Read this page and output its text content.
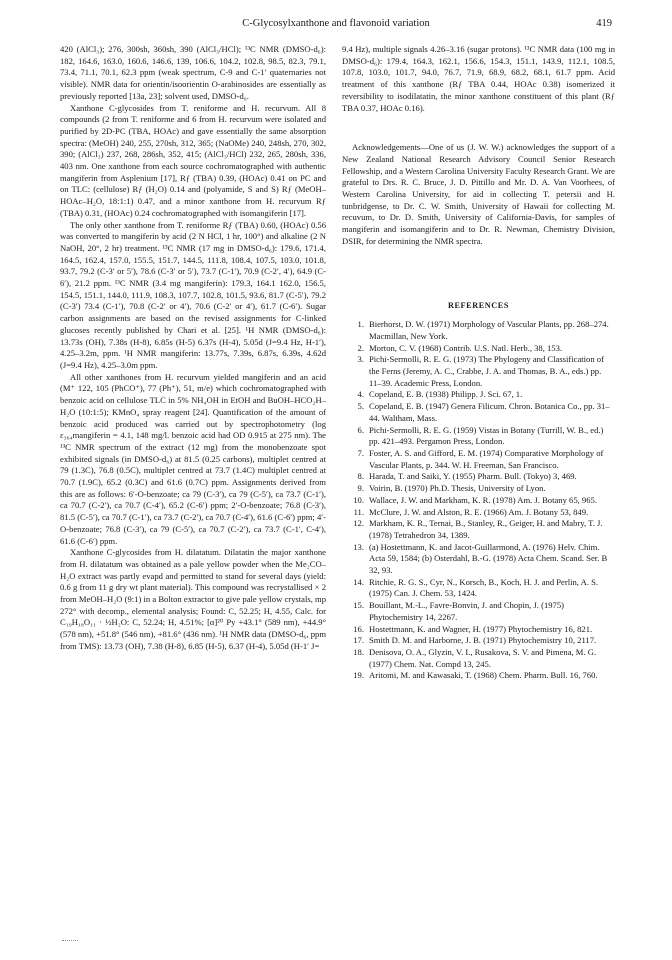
C-Glycosylxanthone and flavonoid variation	419

420 (AlCl₃); 276, 300sh, 360sh, 390 (AlCl₃/HCl); ¹³C NMR (DMSO-d₆): 182, 164.6, 163.0, 160.6, 146.6, 139, 106.6, 104.2, 102.8, 98.5, 82.3, 79.1, 73.4, 71.1, 70.1, 62.3 ppm (weak spectrum, C-9 and C-1′ quaternaries not visible). NMR data for orientin/isoorientin O-arabinosides are essentially as previously reported [13a, 23]; solvent used, DMSO-d₆.

Xanthone C-glycosides from T. reniforme and H. recurvum. All 8 compounds (2 from T. reniforme and 6 from H. recurvum were isolated and purified by 2D-PC (TBA, HOAc) and gave essentially the same absorption spectra: (MeOH) 240, 255, 270sh, 312, 365; (NaOMe) 240, 248sh, 270, 302, 390; (AlCl₃) 237, 268, 286sh, 352, 415; (AlCl₃/HCl) 232, 265, 280sh, 336, 403 nm. One xanthone from each source cochromatographed with authentic mangiferin from Asplenium [17], Rƒ (TBA) 0.39, (HOAc) 0.41 on PC and on TLC: (cellulose) Rƒ (H₂O) 0.14 and (polyamide, S and S) Rƒ (MeOH–HOAc–H₂O, 18:1:1) 0.47, and a minor xanthone from H. recurvum Rƒ (TBA) 0.31, (HOAc) 0.24 cochromatographed with isomangiferin [17].

The only other xanthone from T. reniforme Rƒ (TBA) 0.60, (HOAc) 0.56 was converted to mangiferin by acid (2 N HCl, 1 hr, 100°) and alkaline (2 N NaOH, 20°, 2 hr) treatment. ¹³C NMR (17 mg in DMSO-d₆): 179.6, 171.4, 164.5, 162.4, 157.0, 155.5, 151.7, 144.5, 111.8, 108.4, 107.5, 103.0, 101.8, 93.7, 79.2 (C-3′ or 5′), 78.6 (C-3′ or 5′), 73.7 (C-1′), 70.9 (C-2′, 4′), 64.9 (C-6′), 21.2 ppm. ¹³C NMR (3.4 mg mangiferin): 179.3, 164.1 162.0, 156.5, 154.5, 151.1, 144.0, 111.9, 108.3, 107.7, 102.8, 101.5, 93.6, 81.7 (C-5′), 79.2 (C-3′) 73.4 (C-1′), 70.8 (C-2′ or 4′), 70.6 (C-2′ or 4′), 61.7 (C-6′). Sugar carbon assignments are based on the revised assignments for C-linked glucoses recently published by Chari et al. [25]. ¹H NMR (DMSO-d₆): 13.73s (OH), 7.38s (H-8), 6.85s (H-5) 6.37s (H-4), 5.05d (J=9.4 Hz, H-1′), 4.25–3.2m, ppm. ¹H NMR mangiferin: 13.77s, 7.39s, 6.87s, 6.39s, 4.62d (J=9.4 Hz), 4.25–3.0m ppm.

All other xanthones from H. recurvum yielded mangiferin and an acid (M⁺ 122, 105 (PhCO⁺), 77 (Ph⁺), 51, m/e) which cochromatographed with benzoic acid on cellulose TLC in 5% NH₄OH in EtOH and BuOH–HCO₂H–H₂O (10:1:5); KMnO₄ spray reagent [24]. Quantification of the amount of benzoic acid produced was carried out by spectrophotometry (log ε₃₆₄mangiferin = 4.1, 148 mg/l. benzoic acid had OD 0.915 at 275 nm). The ¹³C NMR spectrum of the extract (12 mg) from the monobenzoate spot exhibited signals (in DMSO-d₆) at 81.5 (0.25 carbons), multiplet centred at 79 (1.3C), 76.8 (0.5C), multiplet centred at 73.7 (1.4C) multiplet centred at 70.7 (1.9C), 65.2 (0.3C) and 61.6 (0.7C) ppm. Assignments derived from this are as follows: 6′-O-benzoate; ca 79 (C-3′), ca 79 (C-5′), ca 73.7 (C-1′), ca 70.7 (C-2′), ca 70.7 (C-4′), 65.2 (C-6′) ppm; 2′-O-benzoate; 76.8 (C-3′), 81.5 (C-5′), ca 70.7 (C-1′), ca 73.7 (C-2′), ca 70.7 (C-4′), 61.6 (C-6′) ppm; 4′-O-benzoate; 76.8 (C-3′), ca 79 (C-5′), ca 70.7 (C-2′), ca 73.7 (C-1′, C-4′), 61.6 (C-6′) ppm.

Xanthone C-glycosides from H. dilatatum. Dilatatin the major xanthone from H. dilatatum was obtained as a pale yellow powder when the Me₂CO–H₂O extract was partly evapd and permitted to stand for several days (yield: 0.6 g from 11 g dry wt plant material). This compound was recrystallised × 2 from MeOH–H₂O (9:1) in a Bolton extractor to give pale yellow crystals, mp 272° with decomp., elemental analysis; Found: C, 52.25; H, 4.55, Calc. for C₁₉H₁₈O₁₁ · ½H₂O: C, 52.24; H, 4.51%; [α]²⁰ Py +43.1° (589 nm), +44.9° (578 nm), +51.8° (546 nm), +81.6° (436 nm). ¹H NMR data (DMSO-d₆, ppm from TMS): 13.73 (OH), 7.38 (H-8), 6.85 (H-5), 6.37 (H-4), 5.05d (H-1′ J=

9.4 Hz), multiple signals 4.26–3.16 (sugar protons). ¹³C NMR data (100 mg in DMSO-d₆): 179.4, 164.3, 162.1, 156.6, 154.3, 151.1, 143.9, 112.1, 108.5, 107.8, 103.0, 101.7, 94.0, 76.7, 71.9, 68.9, 68.2, 68.1, 61.7 ppm. Acid treatment of this xanthone (Rƒ TBA 0.44, HOAc 0.38) isomerized it reversibility to isodilatatin, the minor xanthone constituent of this plant (Rƒ TBA 0.37, HOAc 0.16).

Acknowledgements—One of us (J. W. W.) acknowledges the support of a New Zealand National Research Advisory Council Senior Research Fellowship, and a Western Carolina University Faculty Research Grant. We are grateful to Drs. R. C. Bruce, J. D. Pittillo and Mr. D. A. Van Voorhees, of Western Carolina University, for aid in collecting T. petersii and H. tunbridgense, to Dr. C. W. Smith, University of Hawaii for collecting M. recuvum, to Dr. D. Smith, University of California-Davis, for samples of mangiferin and isomangiferin and to Dr. R. Newman, Chemistry Division, DSIR, for determining the NMR spectra.

REFERENCES
1. Bierhorst, D. W. (1971) Morphology of Vascular Plants, pp. 268–274. Macmillan, New York.
2. Morton, C. V. (1968) Contrib. U.S. Natl. Herb., 38, 153.
3. Pichi-Sermolli, R. E. G. (1973) The Phylogeny and Classification of the Ferns (Jeremy, A. C., Crabbe, J. A. and Thomas, B. A., eds.) pp. 11–39. Academic Press, London.
4. Copeland, E. B. (1938) Philipp. J. Sci. 67, 1.
5. Copeland, E. B. (1947) Genera Filicum. Chron. Botanica Co., pp. 31–44. Waltham, Mass.
6. Pichi-Sermolli, R. E. G. (1959) Vistas in Botany (Turrill, W. B., ed.) pp. 421–493. Pergamon Press, London.
7. Foster, A. S. and Gifford, E. M. (1974) Comparative Morphology of Vascular Plants, p. 344. W. H. Freeman, San Francisco.
8. Harada, T. and Saiki, Y. (1955) Pharm. Bull. (Tokyo) 3, 469.
9. Voirin, B. (1970) Ph.D. Thesis, University of Lyon.
10. Wallace, J. W. and Markham, K. R. (1978) Am. J. Botany 65, 965.
11. McClure, J. W. and Alston, R. E. (1966) Am. J. Botany 53, 849.
12. Markham, K. R., Ternai, B., Stanley, R., Geiger, H. and Mabry, T. J. (1978) Tetrahedron 34, 1389.
13. (a) Hostettmann, K. and Jacot-Guillarmond, A. (1976) Helv. Chim. Acta 59, 1584; (b) Osterdahl, B.-G. (1978) Acta Chem. Scand. Ser. B 32, 93.
14. Ritchie, R. G. S., Cyr, N., Korsch, B., Koch, H. J. and Perlin, A. S. (1975) Can. J. Chem. 53, 1424.
15. Bouillant, M.-L., Favre-Bonvin, J. and Chopin, J. (1975) Phytochemistry 14, 2267.
16. Hostettmann, K. and Wagner, H. (1977) Phytochemistry 16, 821.
17. Smith D. M. and Harborne, J. B. (1971) Phytochemistry 10, 2117.
18. Denisova, O. A., Glyzin, V. I., Rusakova, S. V. and Pimena, M. G. (1977) Chem. Nat. Compd 13, 245.
19. Aritomi, M. and Kawasaki, T. (1968) Chem. Pharm. Bull. 16, 760.
